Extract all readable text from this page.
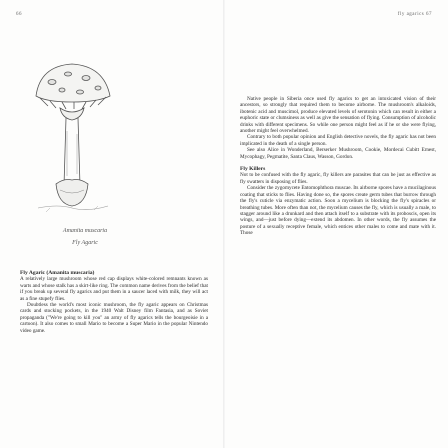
66	fly agarics 67
Amanita muscaria
Fly Agaric

Fly Agaric (Amanita muscaria)

A relatively large mushroom whose red cap displays white-colored remnants known as warts and whose stalk has a skirt-like ring. The common name derives from the belief that if you break up several fly agarics and put them in a saucer laced with milk, they will act as a fine stupefy flies.

Doubtless the world's most iconic mushroom, the fly agaric appears on Christmas cards and stocking pockets, in the 1940 Walt Disney film Fantasia, and as Soviet propaganda ("We're going to kill you" an army of fly agarics tells the bourgeoisie in a cartoon). It also comes to small Mario to become a Super Mario in the popular Nintendo video game.

Native people in Siberia once used fly agarics to get an intoxicated vision of their ancestors, so strongly that required them to become airborne. The mushroom's alkaloids, ibotenic acid and muscimol, produce elevated levels of serotonin which can result in either a euphoric state or clumsiness as well as give the sensation of flying. Consumption of alcoholic drinks with different specimens. So while one person might feel as if he or she were flying, another might feel overwhelmed.

Contrary to both popular opinion and English detective novels, the fly agaric has not been implicated in the death of a single person.

See also Alice in Wonderland, Berserker Mushroom, Cookie, Mordecai Cubitt Ernest, Mycophagy, Pegmatite, Santa Claus, Wasson, Gordon.

Fly Killers

Not to be confused with the fly agaric, fly killers are parasites that can be just as effective as fly swatters in disposing of flies.

Consider the zygomycete Entomophthora muscae. Its airborne spores have a mucilaginous coating that sticks to flies. Having done so, the spores create germ tubes that burrow through the fly's cuticle via enzymatic action. Soon a mycelium is blocking the fly's spiracles or breathing tubes. More often than not, the mycelium causes the fly, which is usually a male, to stagger around like a drunkard and then attach itself to a substrate with its proboscis, open its wings, and—just before dying—extend its abdomen. In other words, the fly assumes the posture of a sexually receptive female, which entices other males to come and mate with it. Those
